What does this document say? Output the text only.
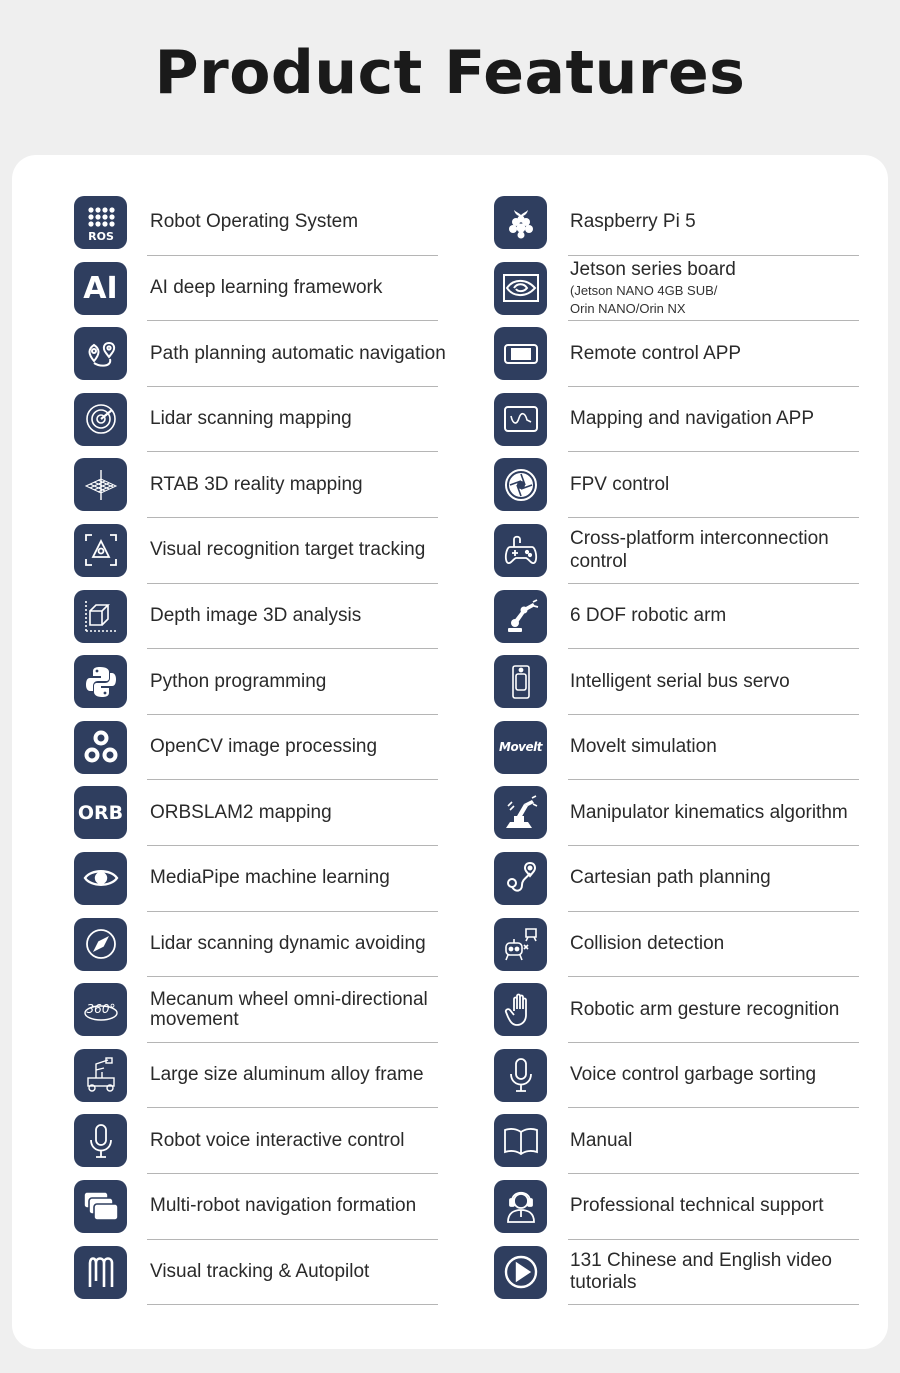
Product Features
ROS
Robot Operating System
AI AI deep learning framework
Path planning automatic navigation
Lidar scanning mapping
RTAB 3D reality mapping
Visual recognition target tracking
Depth image 3D analysis
Python programming
OpenCV image processing
ORB ORBSLAM2 mapping
MediaPipe machine learning
Lidar scanning dynamic avoiding
360° Mecanum wheel omni-directional movement
Large size aluminum alloy frame
Robot voice interactive control
Multi-robot navigation formation
Visual tracking & Autopilot
Raspberry Pi 5
Jetson series board
(Jetson NANO 4GB SUB/
Orin NANO/Orin NX
Remote control APP
Mapping and navigation APP
FPV control
Cross-platform interconnection control
6 DOF robotic arm
Intelligent serial bus servo
Movelt Movelt simulation
Manipulator kinematics algorithm
Cartesian path planning
Collision detection
Robotic arm gesture recognition
Voice control garbage sorting
Manual
Professional technical support
131 Chinese and English video tutorials
